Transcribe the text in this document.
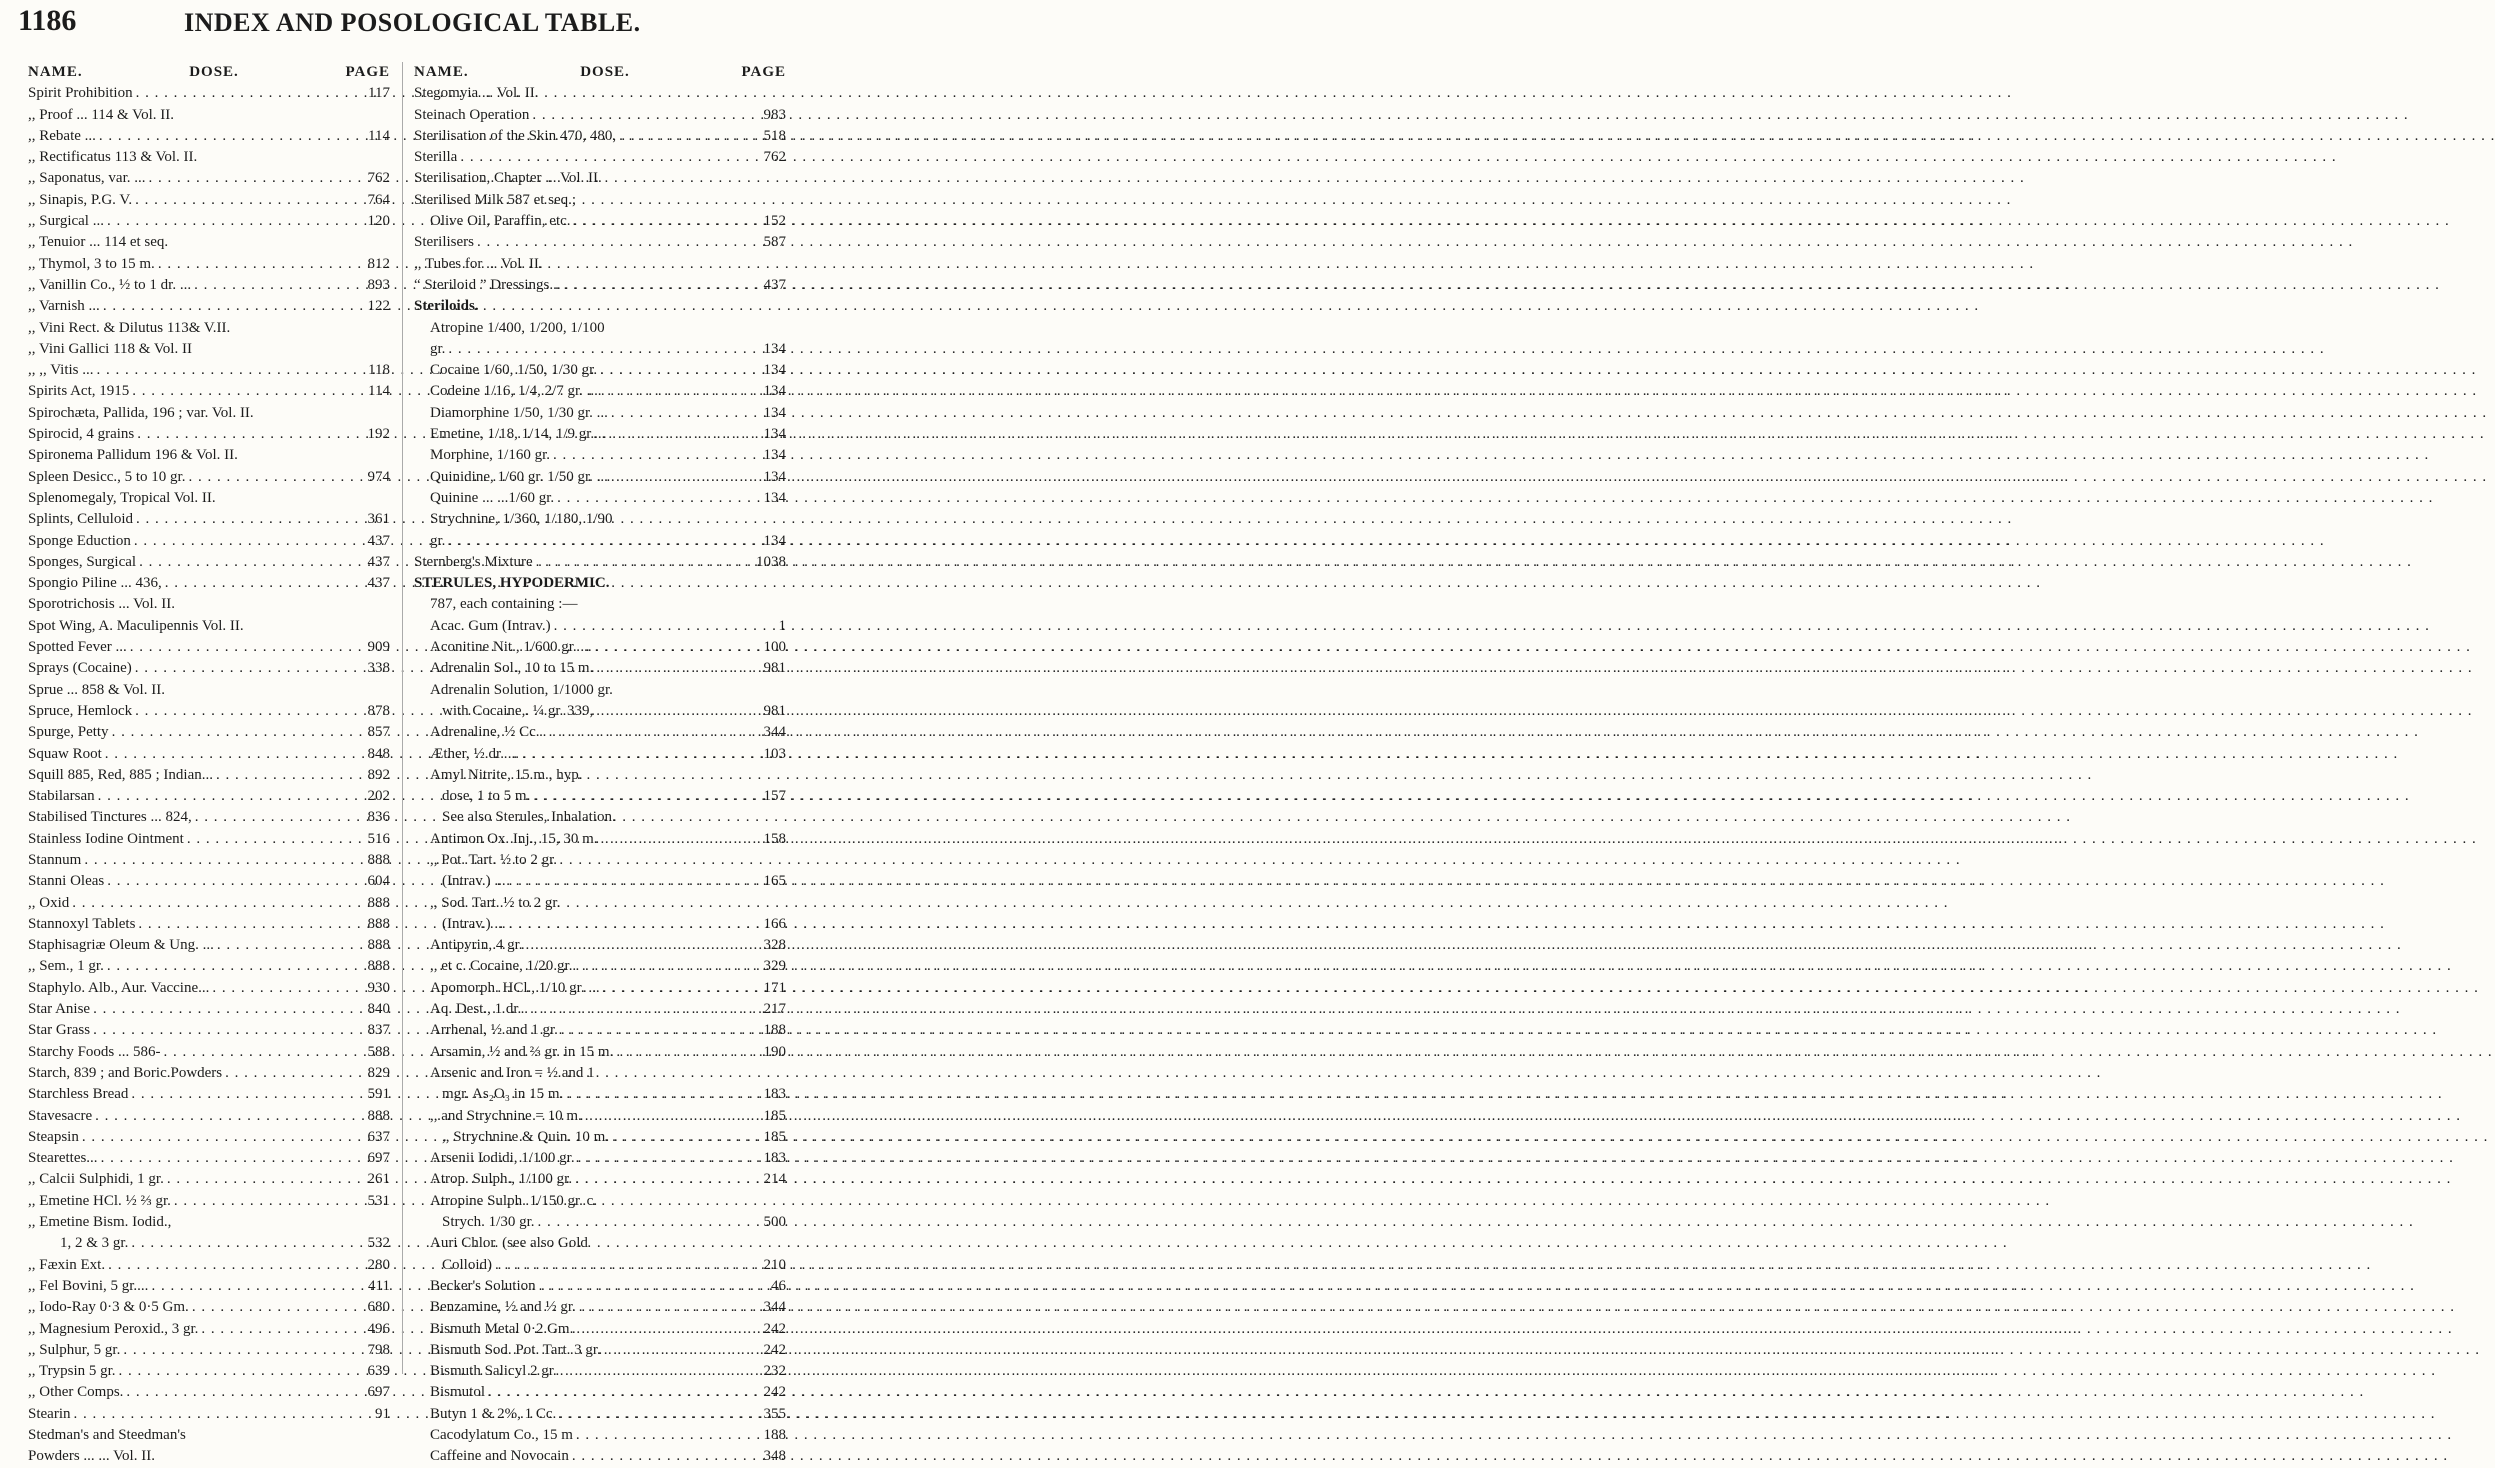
1186	INDEX AND POSOLOGICAL TABLE.
NAME.	DOSE.	PAGE
Spirit Prohibition . . .	117
,, Proof ... 114 & Vol. II.
,, Rebate ... . . .	114
,, Rectificatus 113 & Vol. II.
,, Saponatus, var. ... . . .	762
,, Sinapis, P.G. V. . . .	764
,, Surgical ... . . .	120
,, Tenuior ... 114 et seq.
,, Thymol, 3 to 15 m. . . .	812
,, Vanillin Co., ½ to 1 dr. ... . . .	893
,, Varnish ... . . .	122
,, Vini Rect. & Dilutus 113& V.II.
,, Vini Gallici 118 & Vol. II
,, ,, Vitis ... . . .	118
Spirits Act, 1915 . . .	114
Spirochæta, Pallida, 196 ; var. Vol. II.
Spirocid, 4 grains . . .	192
Spironema Pallidum 196 & Vol. II.
Spleen Desicc., 5 to 10 gr. . . .	974
Splenomegaly, Tropical Vol. II.
Splints, Celluloid . . .	361
Sponge Eduction . . .	437
Sponges, Surgical . . .	437
Spongio Piline ... 436, . . .	437
Sporotrichosis ... Vol. II.
Spot Wing, A. Maculipennis Vol. II.
Spotted Fever ... . . .	909
Sprays (Cocaine) . . .	338
Sprue ... 858 & Vol. II.
Spruce, Hemlock . . .	878
Spurge, Petty . . .	857
Squaw Root . . .	848
Squill 885, Red, 885 ; Indian... . . .	892
Stabilarsan . . .	202
Stabilised Tinctures ... 824, . . .	836
Stainless Iodine Ointment . . .	516
Stannum . . .	888
Stanni Oleas . . .	604
,, Oxid . . .	888
Stannoxyl Tablets . . .	888
Staphisagriæ Oleum & Ung. ... . . .	888
,, Sem., 1 gr. . . .	888
Staphylo. Alb., Aur. Vaccine... . . .	930
Star Anise . . .	840
Star Grass . . .	837
Starchy Foods ... 586- . . .	588
Starch, 839 ; and Boric.Powders . . .	829
Starchless Bread . . .	591
Stavesacre . . .	888
Steapsin . . .	637
Stearettes... . . .	697
,, Calcii Sulphidi, 1 gr. . . .	261
,, Emetine HCl. ½ ⅔ gr. . . .	531
,, Emetine Bism. Iodid.,
1, 2 & 3 gr. . . .	532
,, Fæxin Ext. . . .	280
,, Fel Bovini, 5 gr.... . . .	411
,, Iodo-Ray 0·3 & 0·5 Gm. . . .	680
,, Magnesium Peroxid., 3 gr. . . .	496
,, Sulphur, 5 gr. . . .	798
,, Trypsin 5 gr. . . .	639
,, Other Comps. . . .	697
Stearin . . .	91
Stedman's and Steedman's
Powders ... ... Vol. II.
NAME.	DOSE.	PAGE
Stegomyia ... Vol. II.
Steinach Operation . . .	983
Sterilisation of the Skin 470, 480, . . .	518
Sterilla . . .	762
Sterilisation, Chapter ... Vol. II.
Sterilised Milk 587 et seq.;
Olive Oil, Paraffin, etc. . . .	152
Sterilisers . . .	587
,, Tubes for ... Vol. II.
“ Steriloid ” Dressings... . . .	437
Steriloids.
Atropine 1/400, 1/200, 1/100
gr. . . .	134
Cocaine 1/60, 1/50, 1/30 gr. . . .	134
Codeine 1/16, 1/4, 2/7 gr. ... . . .	134
Diamorphine 1/50, 1/30 gr. ... . . .	134
Emetine, 1/18, 1/14, 1/9 gr.... . . .	134
Morphine, 1/160 gr. . . .	134
Quinidine, 1/60 gr. 1/50 gr. ... . . .	134
Quinine ... ...1/60 gr. . . .	134
Strychnine, 1/360, 1/180, 1/90
gr. . . .	134
Sternberg's Mixture . . .	1038
STERULES, HYPODERMIC.
787, each containing :—
Acac. Gum (Intrav.) . . .	1
Aconitine Nit., 1/600 gr. ... . . .	100
Adrenalin Sol., 10 to 15 m. . . .	981
Adrenalin Solution, 1/1000 gr.
with Cocaine,. ¼ gr. 339, . . .	981
Adrenaline, ½ Cc. . . .	344
Æther, ½ dr. ... . . .	103
Amyl Nitrite, 15 m., hyp.
dose, 1 to 5 m. . . .	157
See also Sterules, Inhalation.
Antimon Ox. Inj., 15, 30 m. . . .	158
,, Pot. Tart. ½ to 2 gr.
(Intrav.) ... . . .	165
,, Sod. Tart. ½ to 2 gr.
(Intrav.) ... . . .	166
Antipyrin, 4 gr. . . .	328
,, et c. Cocaine, 1/20 gr. . . .	329
Apomorph. HCl., 1/10 gr. ... . . .	171
Aq. Dest., 1 dr. . . .	217
Arrhenal, ½ and 1 gr. . . .	188
Arsamin, ½ and ⅔ gr. in 15 m. . . .	190
Arsenic and Iron = ½ and 1
mgr. As₂O₃ in 15 m. . . .	183
,, and Strychnine = 10 m. . . .	185
,, Strychnine & Quin. 10 m. . . .	185
Arsenii Iodidi, 1/100 gr. . . .	183
Atrop. Sulph., 1/100 gr. . . .	214
Atropine Sulph. 1/150 gr. c.
Strych. 1/30 gr. . . .	500
Auri Chlor. (see also Gold
Colloid) . . .	210
Becker's Solution . . .	46
Benzamine, ½ and ½ gr. . . .	344
Bismuth Metal 0·2 Gm. . . .	242
Bismuth Sod. Pot. Tart. 3 gr. . . .	242
Bismuth Salicyl 2 gr. . . .	232
Bismutol . . .	242
Butyn 1 & 2%, 1 Cc. . . .	355
Cacodylatum Co., 15 m . . .	188
Caffeine and Novocain . . .	348
